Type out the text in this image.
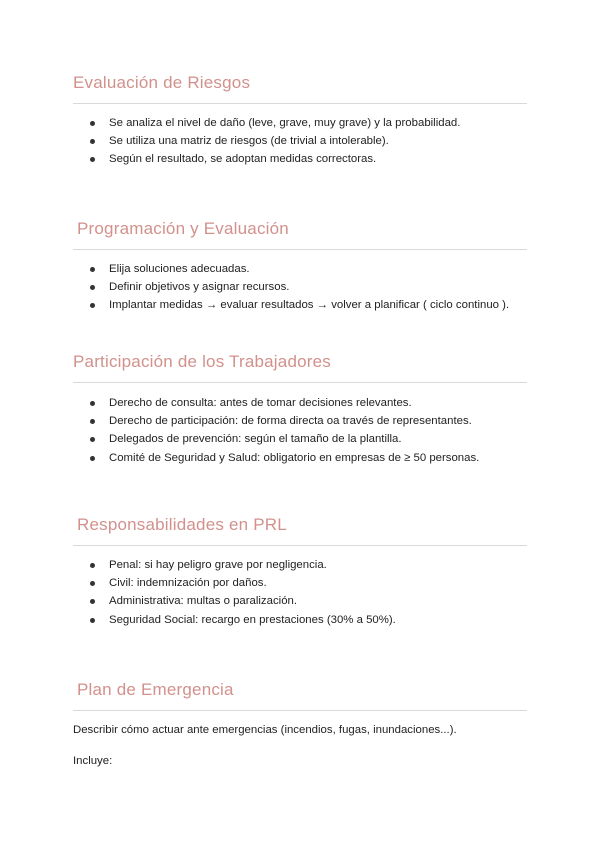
Evaluación de Riesgos
Se analiza el nivel de daño (leve, grave, muy grave) y la probabilidad.
Se utiliza una matriz de riesgos (de trivial a intolerable).
Según el resultado, se adoptan medidas correctoras.
Programación y Evaluación
Elija soluciones adecuadas.
Definir objetivos y asignar recursos.
Implantar medidas → evaluar resultados → volver a planificar ( ciclo continuo ).
Participación de los Trabajadores
Derecho de consulta: antes de tomar decisiones relevantes.
Derecho de participación: de forma directa oa través de representantes.
Delegados de prevención: según el tamaño de la plantilla.
Comité de Seguridad y Salud: obligatorio en empresas de ≥ 50 personas.
Responsabilidades en PRL
Penal: si hay peligro grave por negligencia.
Civil: indemnización por daños.
Administrativa: multas o paralización.
Seguridad Social: recargo en prestaciones (30% a 50%).
Plan de Emergencia

Describir cómo actuar ante emergencias (incendios, fugas, inundaciones...).

Incluye:
